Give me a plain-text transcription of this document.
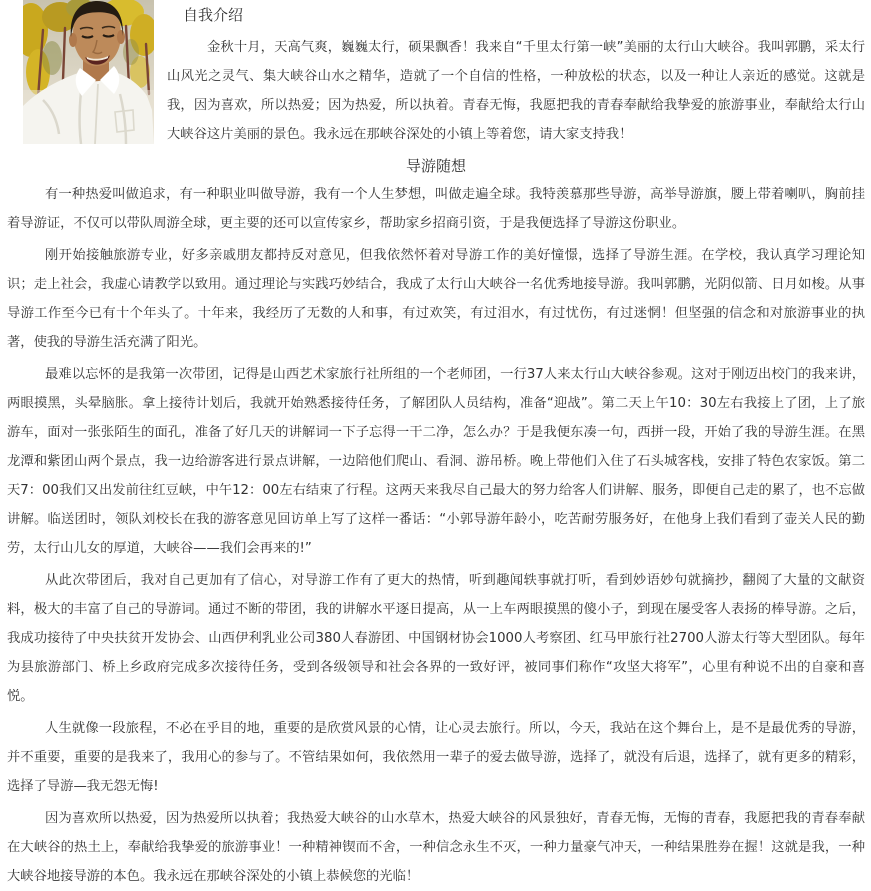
自我介绍

金秋十月，天高气爽，巍巍太行，硕果飘香！我来自“千里太行第一峡”美丽的太行山大峡谷。我叫郭鹏，采太行山风光之灵气、集大峡谷山水之精华，造就了一个自信的性格，一种放松的状态，以及一种让人亲近的感觉。这就是我，因为喜欢，所以热爱；因为热爱，所以执着。青春无悔，我愿把我的青春奉献给我挚爱的旅游事业，奉献给太行山大峡谷这片美丽的景色。我永远在那峡谷深处的小镇上等着您，请大家支持我！

导游随想

有一种热爱叫做追求，有一种职业叫做导游，我有一个人生梦想，叫做走遍全球。我特羡慕那些导游，高举导游旗，腰上带着喇叭，胸前挂着导游证，不仅可以带队周游全球，更主要的还可以宣传家乡，帮助家乡招商引资，于是我便选择了导游这份职业。

刚开始接触旅游专业，好多亲戚朋友都持反对意见，但我依然怀着对导游工作的美好憧憬，选择了导游生涯。在学校，我认真学习理论知识；走上社会，我虚心请教学以致用。通过理论与实践巧妙结合，我成了太行山大峡谷一名优秀地接导游。我叫郭鹏，光阴似箭、日月如梭。从事导游工作至今已有十个年头了。十年来，我经历了无数的人和事，有过欢笑，有过泪水，有过忧伤，有过迷惘！但坚强的信念和对旅游事业的执著，使我的导游生活充满了阳光。

最难以忘怀的是我第一次带团，记得是山西艺术家旅行社所组的一个老师团，一行37人来太行山大峡谷参观。这对于刚迈出校门的我来讲，两眼摸黑，头晕脑胀。拿上接待计划后，我就开始熟悉接待任务，了解团队人员结构，准备“迎战”。第二天上午10：30左右我接上了团，上了旅游车，面对一张张陌生的面孔，准备了好几天的讲解词一下子忘得一干二净，怎么办？于是我便东凑一句，西拼一段，开始了我的导游生涯。在黑龙潭和紫团山两个景点，我一边给游客进行景点讲解，一边陪他们爬山、看洞、游吊桥。晚上带他们入住了石头城客栈，安排了特色农家饭。第二天7：00我们又出发前往红豆峡，中午12：00左右结束了行程。这两天来我尽自己最大的努力给客人们讲解、服务，即便自己走的累了，也不忘做讲解。临送团时，领队刘校长在我的游客意见回访单上写了这样一番话：“小郭导游年龄小，吃苦耐劳服务好，在他身上我们看到了壶关人民的勤劳，太行山儿女的厚道，大峡谷——我们会再来的!”

从此次带团后，我对自己更加有了信心，对导游工作有了更大的热情，听到趣闻轶事就打听，看到妙语妙句就摘抄，翻阅了大量的文献资料，极大的丰富了自己的导游词。通过不断的带团，我的讲解水平逐日提高，从一上车两眼摸黑的傻小子，到现在屡受客人表扬的棒导游。之后，我成功接待了中央扶贫开发协会、山西伊利乳业公司380人春游团、中国钢材协会1000人考察团、红马甲旅行社2700人游太行等大型团队。每年为县旅游部门、桥上乡政府完成多次接待任务，受到各级领导和社会各界的一致好评，被同事们称作“攻坚大将军”，心里有种说不出的自豪和喜悦。

人生就像一段旅程，不必在乎目的地，重要的是欣赏风景的心情，让心灵去旅行。所以，今天，我站在这个舞台上，是不是最优秀的导游，并不重要，重要的是我来了，我用心的参与了。不管结果如何，我依然用一辈子的爱去做导游，选择了，就没有后退，选择了，就有更多的精彩，选择了导游—我无怨无悔!

因为喜欢所以热爱，因为热爱所以执着；我热爱大峡谷的山水草木，热爱大峡谷的风景独好，青春无悔，无悔的青春，我愿把我的青春奉献在大峡谷的热土上，奉献给我挚爱的旅游事业！一种精神锲而不舍，一种信念永生不灭，一种力量豪气冲天，一种结果胜券在握！这就是我，一种大峡谷地接导游的本色。我永远在那峡谷深处的小镇上恭候您的光临！
